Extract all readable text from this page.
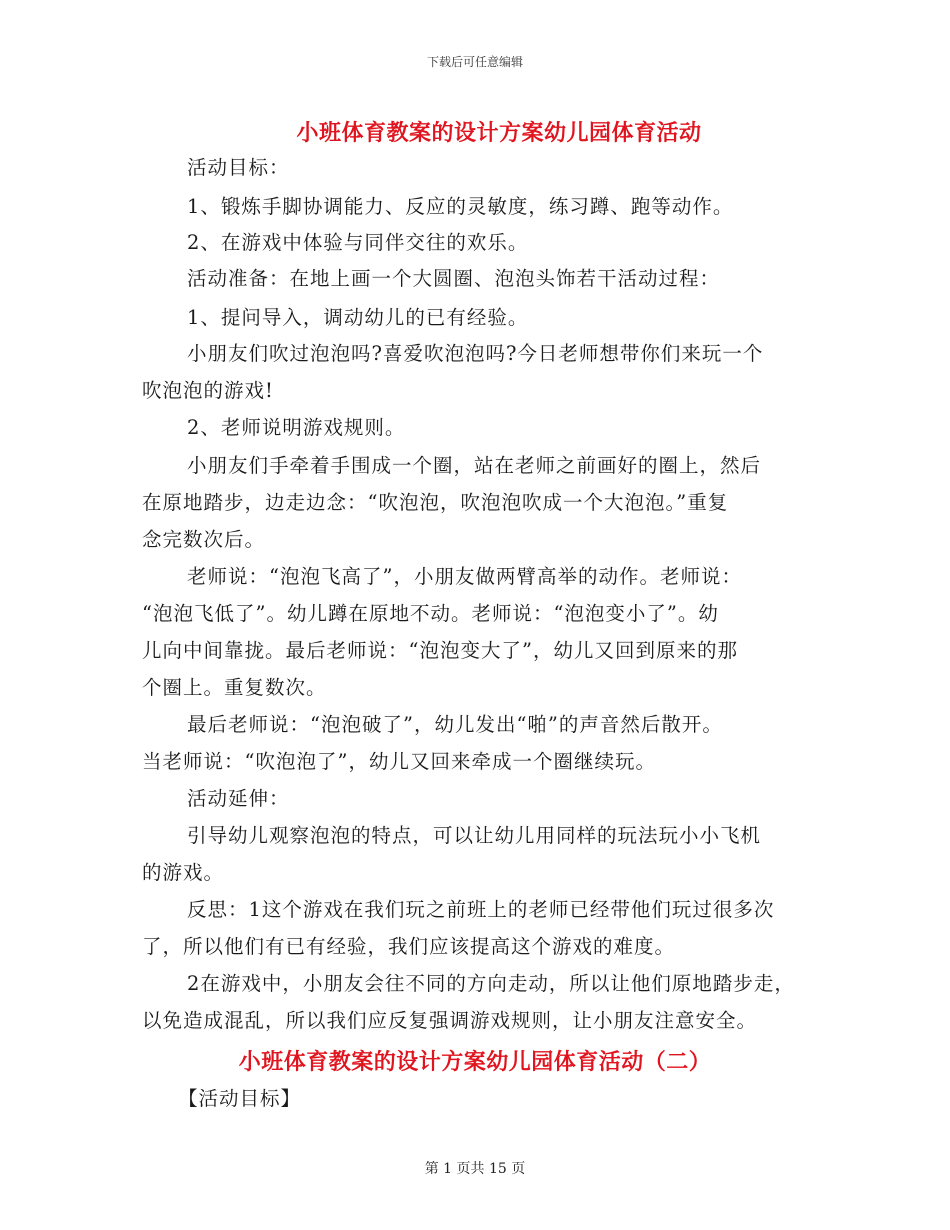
下载后可任意编辑
小班体育教案的设计方案幼儿园体育活动
活动目标：
1、锻炼手脚协调能力、反应的灵敏度，练习蹲、跑等动作。
2、在游戏中体验与同伴交往的欢乐。
活动准备：在地上画一个大圆圈、泡泡头饰若干活动过程：
1、提问导入，调动幼儿的已有经验。
小朋友们吹过泡泡吗?喜爱吹泡泡吗?今日老师想带你们来玩一个
吹泡泡的游戏!
2、老师说明游戏规则。
小朋友们手牵着手围成一个圈，站在老师之前画好的圈上，然后
在原地踏步，边走边念：“吹泡泡，吹泡泡吹成一个大泡泡。”重复
念完数次后。
老师说：“泡泡飞高了”，小朋友做两臂高举的动作。老师说：
“泡泡飞低了”。幼儿蹲在原地不动。老师说：“泡泡变小了”。幼
儿向中间靠拢。最后老师说：“泡泡变大了”，幼儿又回到原来的那
个圈上。重复数次。
最后老师说：“泡泡破了”，幼儿发出“啪”的声音然后散开。
当老师说：“吹泡泡了”，幼儿又回来牵成一个圈继续玩。
活动延伸：
引导幼儿观察泡泡的特点，可以让幼儿用同样的玩法玩小小飞机
的游戏。
反思：1这个游戏在我们玩之前班上的老师已经带他们玩过很多次
了，所以他们有已有经验，我们应该提高这个游戏的难度。
2在游戏中，小朋友会往不同的方向走动，所以让他们原地踏步走，
以免造成混乱，所以我们应反复强调游戏规则，让小朋友注意安全。
小班体育教案的设计方案幼儿园体育活动（二）
【活动目标】
第 1 页共 15 页
